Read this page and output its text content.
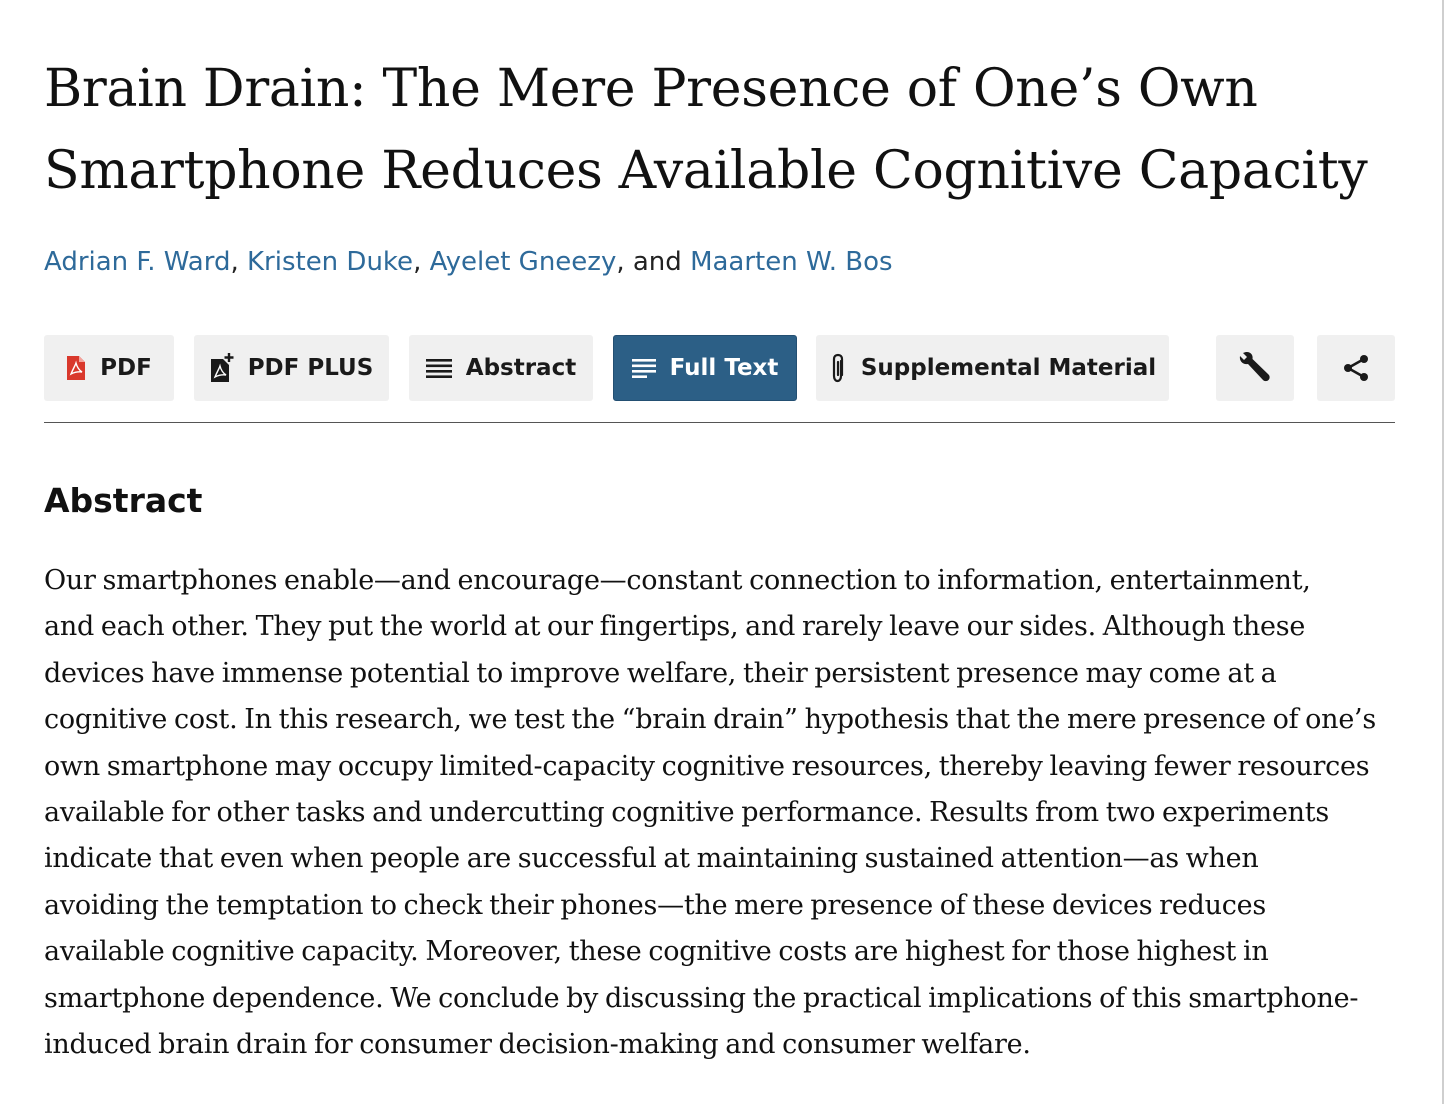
Brain Drain: The Mere Presence of One’s Own
Smartphone Reduces Available Cognitive Capacity
Adrian F. Ward, Kristen Duke, Ayelet Gneezy, and Maarten W. Bos
PDF	PDF PLUS	Abstract	Full Text	Supplemental Material
Abstract
Our smartphones enable—and encourage—constant connection to information, entertainment,
and each other. They put the world at our fingertips, and rarely leave our sides. Although these
devices have immense potential to improve welfare, their persistent presence may come at a
cognitive cost. In this research, we test the “brain drain” hypothesis that the mere presence of one’s
own smartphone may occupy limited-capacity cognitive resources, thereby leaving fewer resources
available for other tasks and undercutting cognitive performance. Results from two experiments
indicate that even when people are successful at maintaining sustained attention—as when
avoiding the temptation to check their phones—the mere presence of these devices reduces
available cognitive capacity. Moreover, these cognitive costs are highest for those highest in
smartphone dependence. We conclude by discussing the practical implications of this smartphone-
induced brain drain for consumer decision-making and consumer welfare.
